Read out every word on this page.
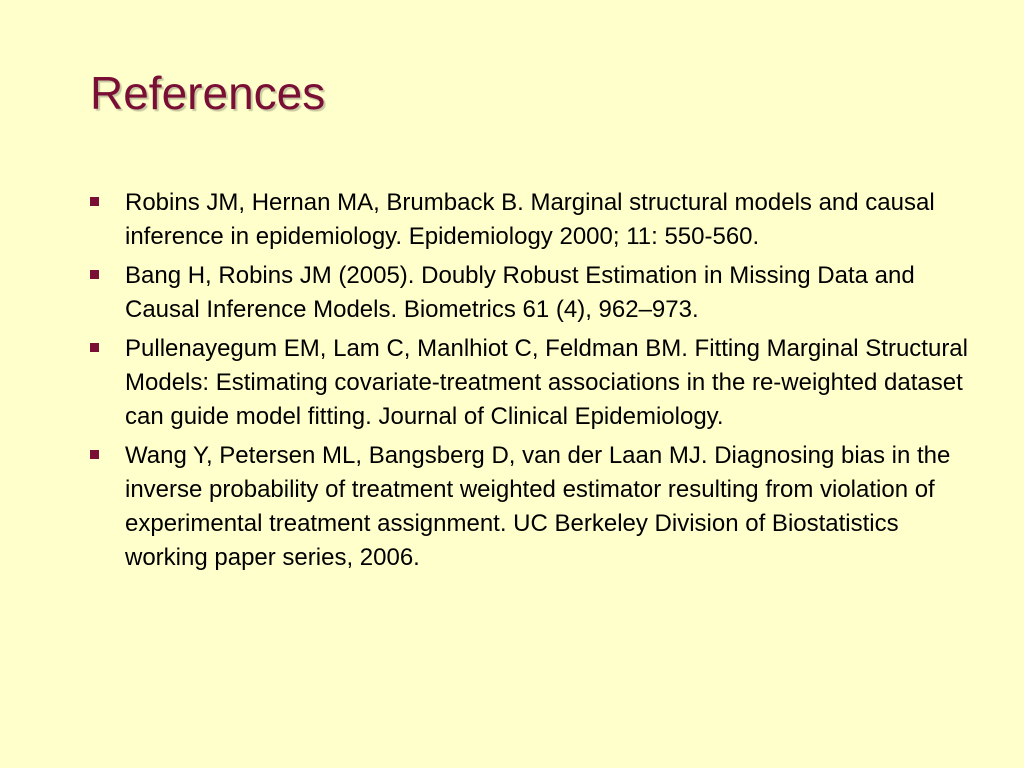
References
Robins JM, Hernan MA, Brumback B. Marginal structural models and causal inference in epidemiology. Epidemiology 2000; 11: 550-560.
Bang H, Robins JM (2005). Doubly Robust Estimation in Missing Data and Causal Inference Models. Biometrics 61 (4), 962–973.
Pullenayegum EM, Lam C, Manlhiot C, Feldman BM. Fitting Marginal Structural Models: Estimating covariate-treatment associations in the re-weighted dataset can guide model fitting. Journal of Clinical Epidemiology.
Wang Y, Petersen ML, Bangsberg D, van der Laan MJ. Diagnosing bias in the inverse probability of treatment weighted estimator resulting from violation of experimental treatment assignment. UC Berkeley Division of Biostatistics working paper series, 2006.
